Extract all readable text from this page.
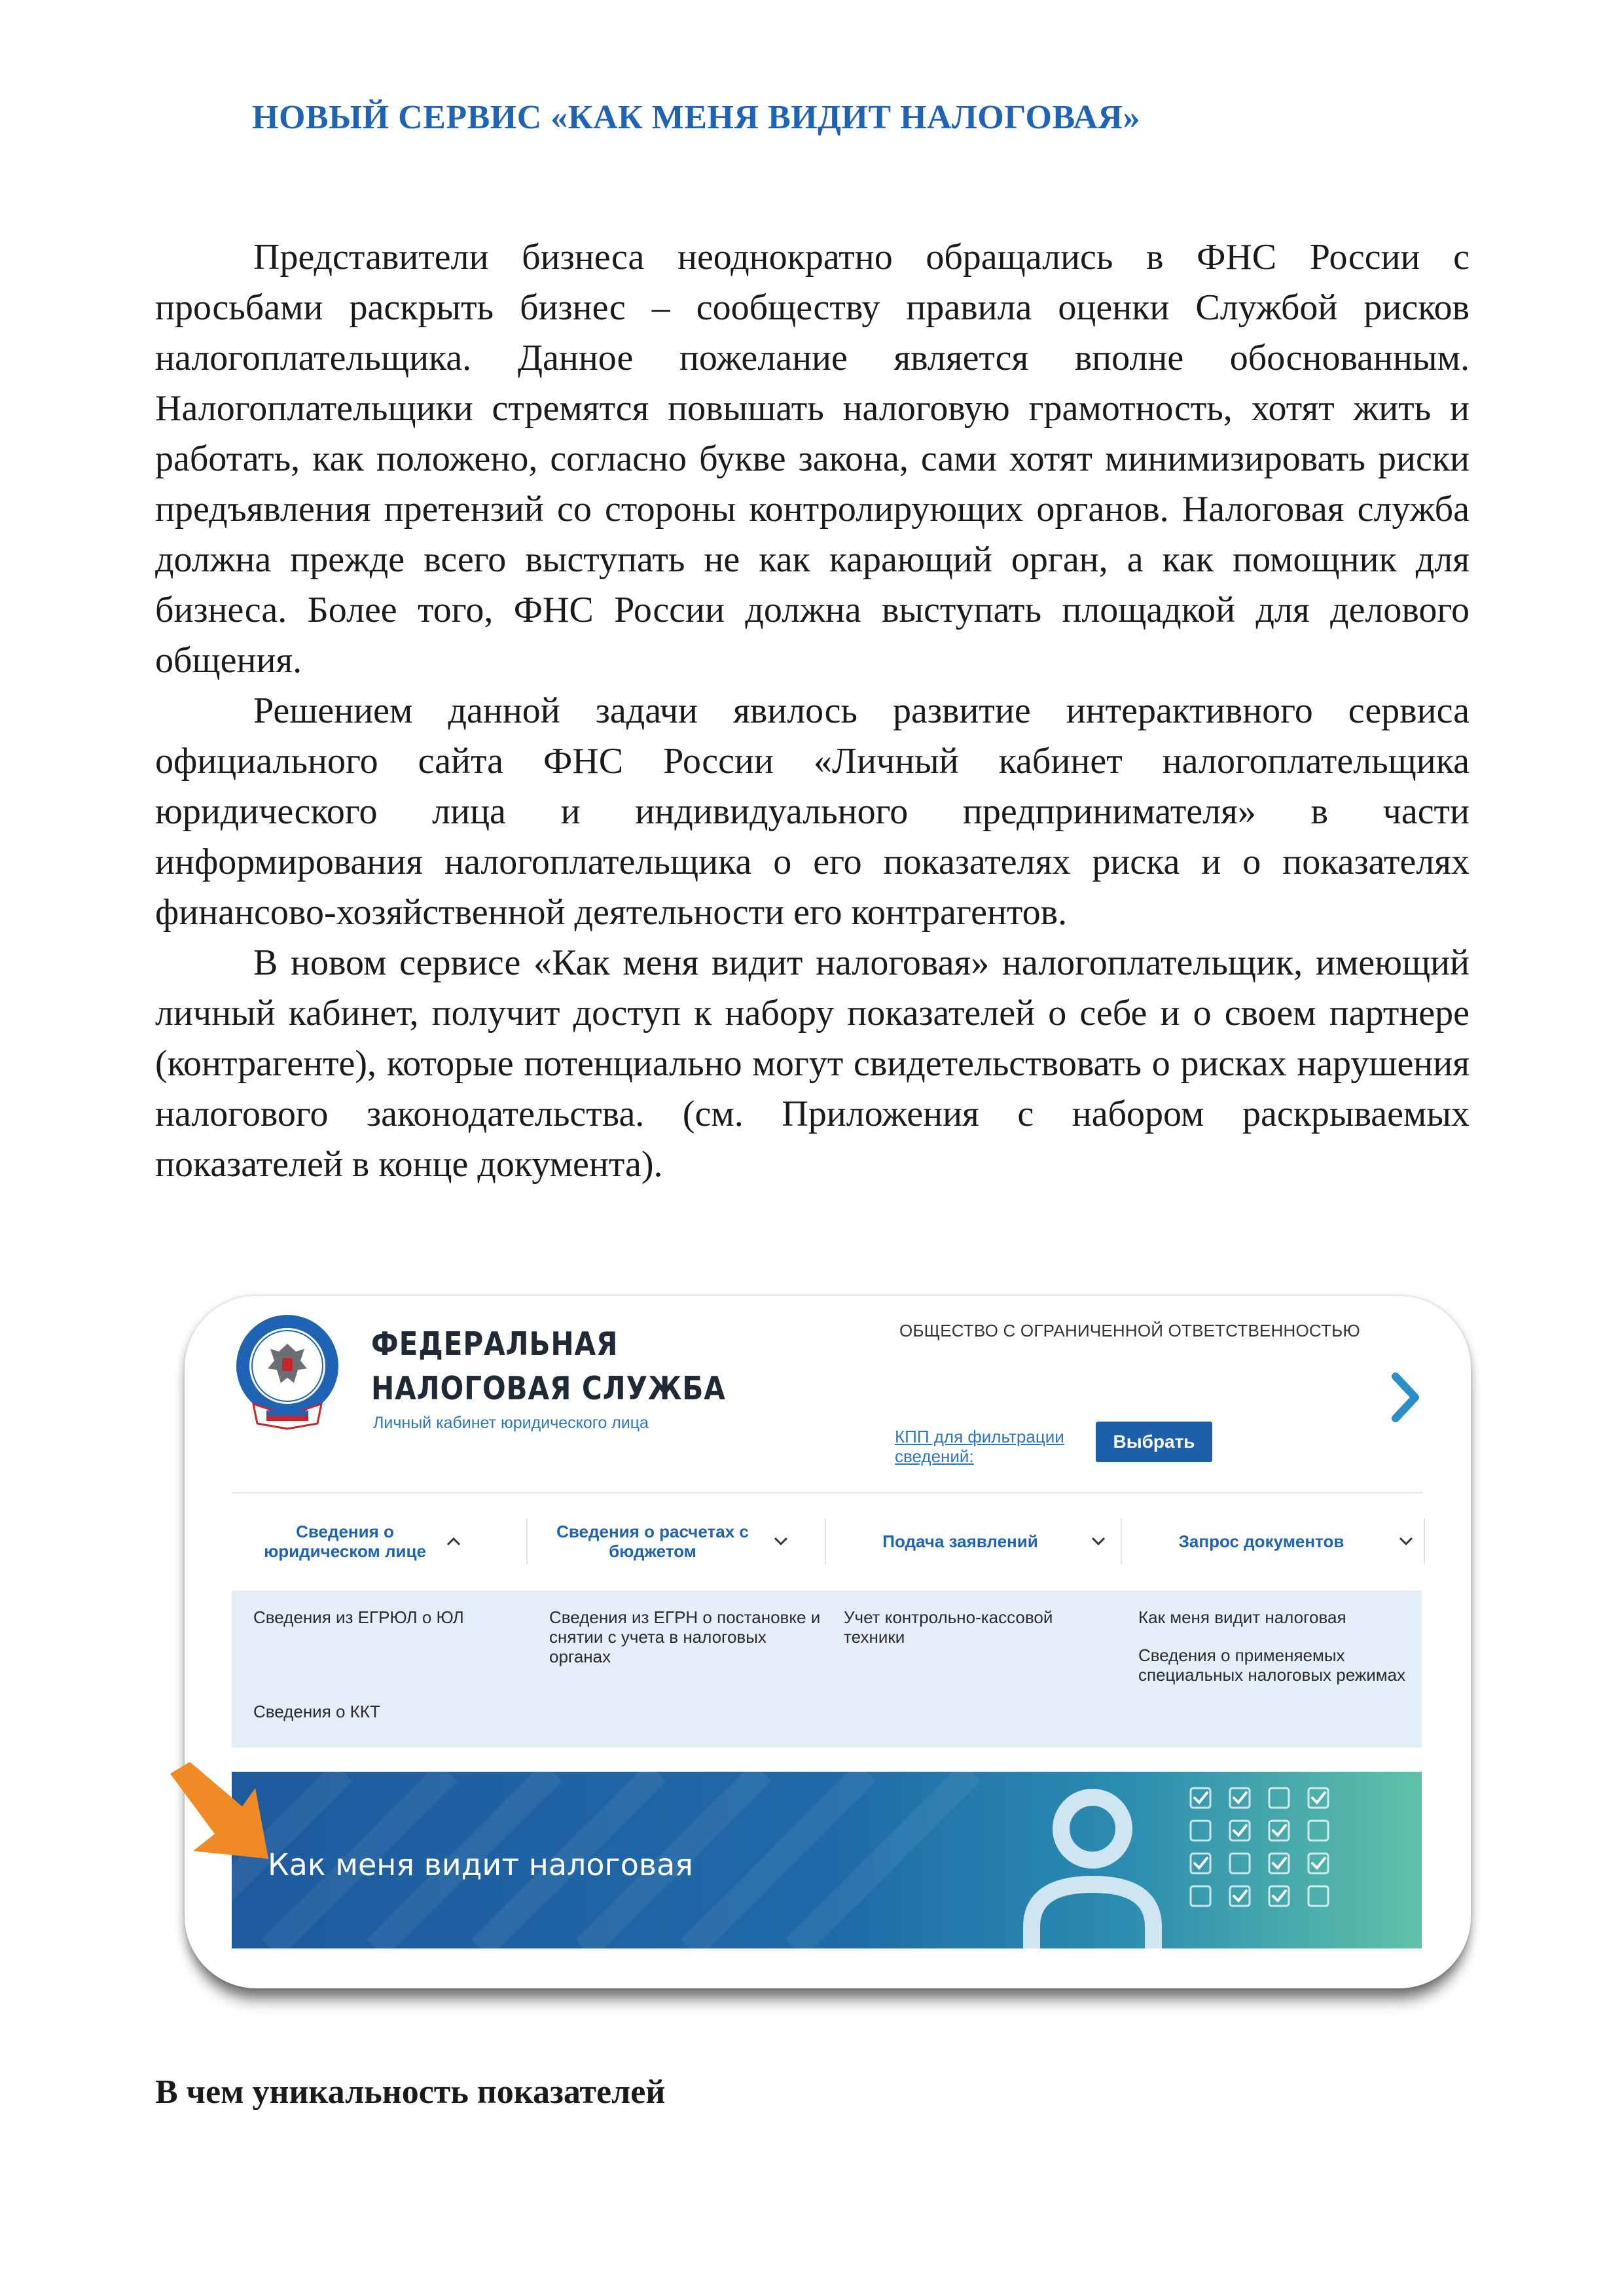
НОВЫЙ СЕРВИС «КАК МЕНЯ ВИДИТ НАЛОГОВАЯ»

Представители бизнеса неоднократно обращались в ФНС России с просьбами раскрыть бизнес – сообществу правила оценки Службой рисков налогоплательщика. Данное пожелание является вполне обоснованным. Налогоплательщики стремятся повышать налоговую грамотность, хотят жить и работать, как положено, согласно букве закона, сами хотят минимизировать риски предъявления претензий со стороны контролирующих органов. Налоговая служба должна прежде всего выступать не как карающий орган, а как помощник для бизнеса. Более того, ФНС России должна выступать площадкой для делового общения.

Решением данной задачи явилось развитие интерактивного сервиса официального сайта ФНС России «Личный кабинет налогоплательщика юридического лица и индивидуального предпринимателя» в части информирования налогоплательщика о его показателях риска и о показателях финансово-хозяйственной деятельности его контрагентов.

В новом сервисе «Как меня видит налоговая» налогоплательщик, имеющий личный кабинет, получит доступ к набору показателей о себе и о своем партнере (контрагенте), которые потенциально могут свидетельствовать о рисках нарушения налогового законодательства. (см. Приложения с набором раскрываемых показателей в конце документа).

ФЕДЕРАЛЬНАЯ
НАЛОГОВАЯ СЛУЖБА
Личный кабинет юридического лица
ОБЩЕСТВО С ОГРАНИЧЕННОЙ ОТВЕТСТВЕННОСТЬЮ
КПП для фильтрации сведений:
Выбрать
Сведения о юридическом лице
Сведения о расчетах с бюджетом	Подача заявлений	Запрос документов
Сведения из ЕГРЮЛ о ЮЛ
Сведения о ККТ
Сведения из ЕГРН о постановке и снятии с учета в налоговых органах
Учет контрольно-кассовой техники
Как меня видит налоговая
Сведения о применяемых специальных налоговых режимах
Как меня видит налоговая
В чем уникальность показателей
